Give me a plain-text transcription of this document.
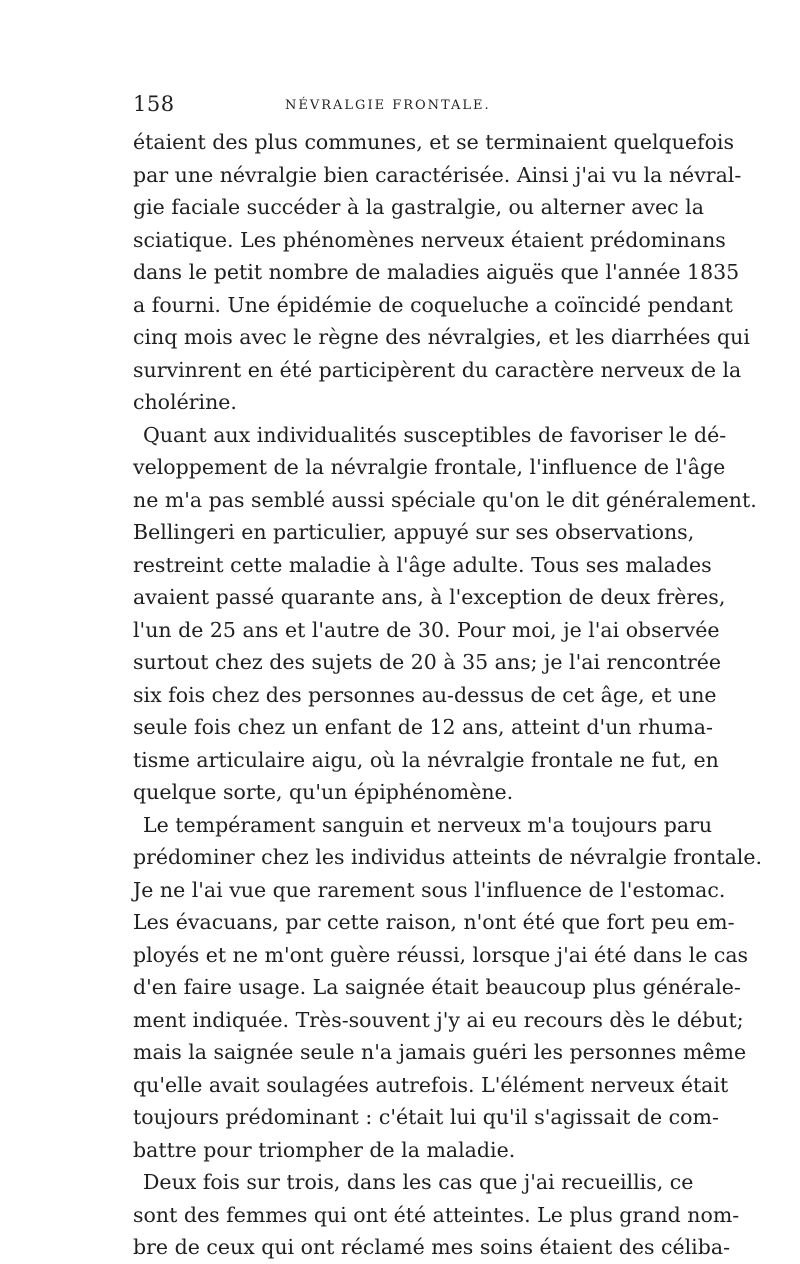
158	NÉVRALGIE FRONTALE.
étaient des plus communes, et se terminaient quelquefois
par une névralgie bien caractérisée. Ainsi j'ai vu la névral-
gie faciale succéder à la gastralgie, ou alterner avec la
sciatique. Les phénomènes nerveux étaient prédominans
dans le petit nombre de maladies aiguës que l'année 1835
a fourni. Une épidémie de coqueluche a coïncidé pendant
cinq mois avec le règne des névralgies, et les diarrhées qui
survinrent en été participèrent du caractère nerveux de la
cholérine.
Quant aux individualités susceptibles de favoriser le dé-
veloppement de la névralgie frontale, l'influence de l'âge
ne m'a pas semblé aussi spéciale qu'on le dit généralement.
Bellingeri en particulier, appuyé sur ses observations,
restreint cette maladie à l'âge adulte. Tous ses malades
avaient passé quarante ans, à l'exception de deux frères,
l'un de 25 ans et l'autre de 30. Pour moi, je l'ai observée
surtout chez des sujets de 20 à 35 ans; je l'ai rencontrée
six fois chez des personnes au-dessus de cet âge, et une
seule fois chez un enfant de 12 ans, atteint d'un rhuma-
tisme articulaire aigu, où la névralgie frontale ne fut, en
quelque sorte, qu'un épiphénomène.
Le tempérament sanguin et nerveux m'a toujours paru
prédominer chez les individus atteints de névralgie frontale.
Je ne l'ai vue que rarement sous l'influence de l'estomac.
Les évacuans, par cette raison, n'ont été que fort peu em-
ployés et ne m'ont guère réussi, lorsque j'ai été dans le cas
d'en faire usage. La saignée était beaucoup plus générale-
ment indiquée. Très-souvent j'y ai eu recours dès le début;
mais la saignée seule n'a jamais guéri les personnes même
qu'elle avait soulagées autrefois. L'élément nerveux était
toujours prédominant : c'était lui qu'il s'agissait de com-
battre pour triompher de la maladie.
Deux fois sur trois, dans les cas que j'ai recueillis, ce
sont des femmes qui ont été atteintes. Le plus grand nom-
bre de ceux qui ont réclamé mes soins étaient des céliba-
